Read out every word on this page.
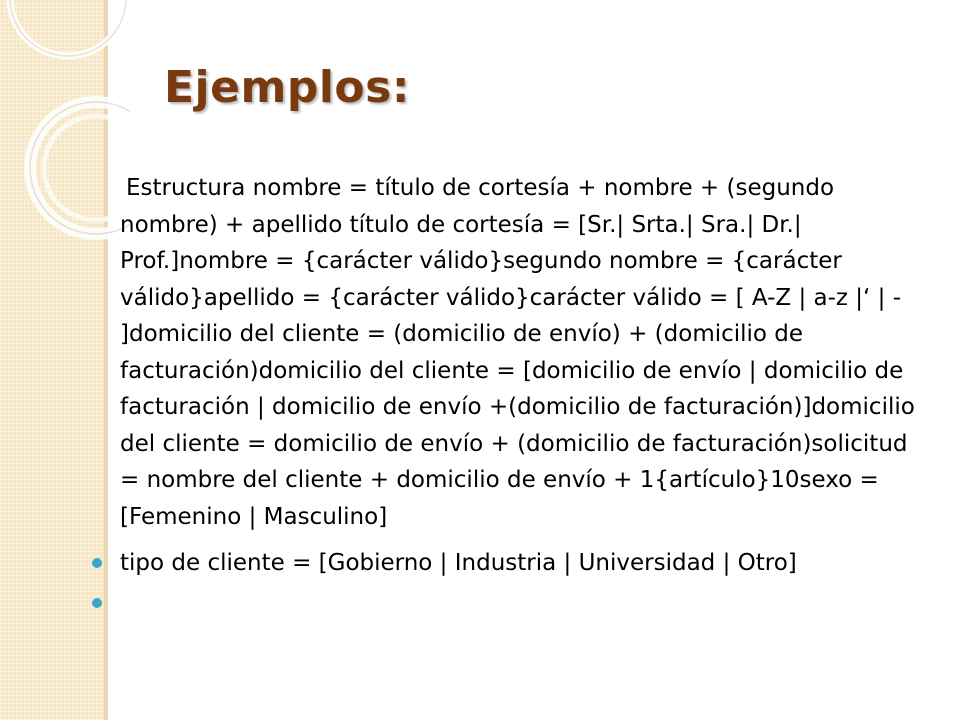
Ejemplos:
Estructura nombre = título de cortesía + nombre + (segundo nombre) + apellido título de cortesía = [Sr.| Srta.| Sra.| Dr.| Prof.]nombre = {carácter válido}segundo nombre = {carácter válido}apellido = {carácter válido}carácter válido = [ A-Z | a-z |‘ | - ]domicilio del cliente = (domicilio de envío) + (domicilio de facturación)domicilio del cliente = [domicilio de envío | domicilio de facturación | domicilio de envío +(domicilio de facturación)]domicilio del cliente = domicilio de envío + (domicilio de facturación)solicitud = nombre del cliente + domicilio de envío + 1{artículo}10sexo = [Femenino | Masculino]
tipo de cliente = [Gobierno | Industria | Universidad | Otro]
